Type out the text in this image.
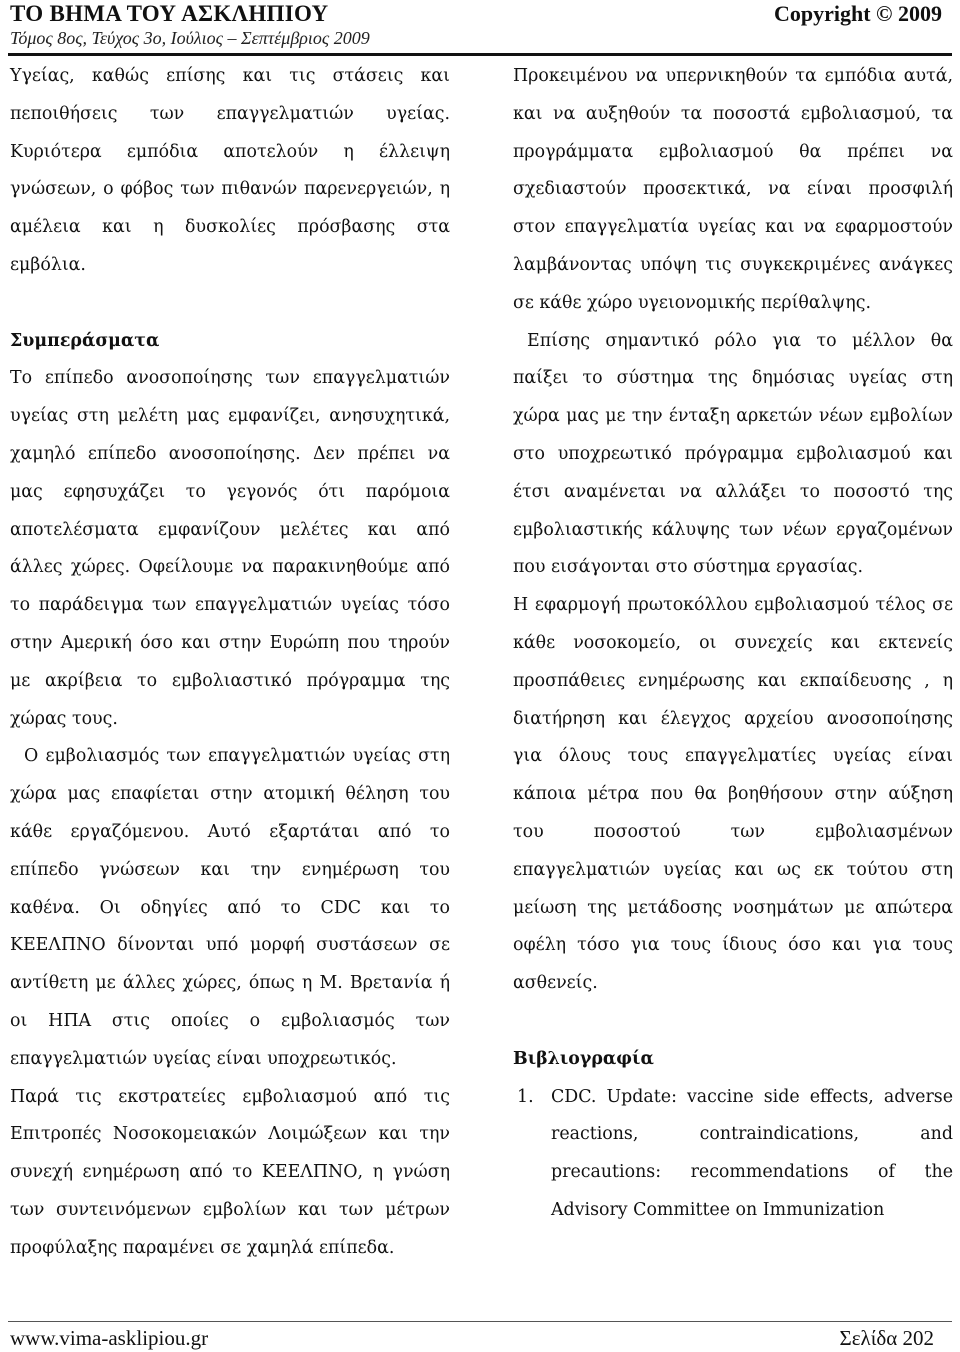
ΤΟ ΒΗΜΑ ΤΟΥ ΑΣΚΛΗΠΙΟΥ	Copyright © 2009
Τόμος 8ος, Τεύχος 3ο, Ιούλιος – Σεπτέμβριος 2009

Υγείας, καθώς επίσης και τις στάσεις και πεποιθήσεις των επαγγελματιών υγείας. Κυριότερα εμπόδια αποτελούν η έλλειψη γνώσεων, ο φόβος των πιθανών παρενεργειών, η αμέλεια και η δυσκολίες πρόσβασης στα εμβόλια.

Συμπεράσματα

Το επίπεδο ανοσοποίησης των επαγγελματιών υγείας στη μελέτη μας εμφανίζει, ανησυχητικά, χαμηλό επίπεδο ανοσοποίησης. Δεν πρέπει να μας εφησυχάζει το γεγονός ότι παρόμοια αποτελέσματα εμφανίζουν μελέτες και από άλλες χώρες. Οφείλουμε να παρακινηθούμε από το παράδειγμα των επαγγελματιών υγείας τόσο στην Αμερική όσο και στην Ευρώπη που τηρούν με ακρίβεια το εμβολιαστικό πρόγραμμα της χώρας τους.

Ο εμβολιασμός των επαγγελματιών υγείας στη χώρα μας επαφίεται στην ατομική θέληση του κάθε εργαζόμενου. Αυτό εξαρτάται από το επίπεδο γνώσεων και την ενημέρωση του καθένα. Οι οδηγίες από το CDC και το ΚΕΕΛΠΝΟ δίνονται υπό μορφή συστάσεων σε αντίθετη με άλλες χώρες, όπως η Μ. Βρετανία ή οι ΗΠΑ στις οποίες ο εμβολιασμός των επαγγελματιών υγείας είναι υποχρεωτικός.

Παρά τις εκστρατείες εμβολιασμού από τις Επιτροπές Νοσοκομειακών Λοιμώξεων και την συνεχή ενημέρωση από το ΚΕΕΛΠΝΟ, η γνώση των συντεινόμενων εμβολίων και των μέτρων προφύλαξης παραμένει σε χαμηλά επίπεδα.

Προκειμένου να υπερνικηθούν τα εμπόδια αυτά, και να αυξηθούν τα ποσοστά εμβολιασμού, τα προγράμματα εμβολιασμού θα πρέπει να σχεδιαστούν προσεκτικά, να είναι προσφιλή στον επαγγελματία υγείας και να εφαρμοστούν λαμβάνοντας υπόψη τις συγκεκριμένες ανάγκες σε κάθε χώρο υγειονομικής περίθαλψης.

Επίσης σημαντικό ρόλο για το μέλλον θα παίξει το σύστημα της δημόσιας υγείας στη χώρα μας με την ένταξη αρκετών νέων εμβολίων στο υποχρεωτικό πρόγραμμα εμβολιασμού και έτσι αναμένεται να αλλάξει το ποσοστό της εμβολιαστικής κάλυψης των νέων εργαζομένων που εισάγονται στο σύστημα εργασίας.

Η εφαρμογή πρωτοκόλλου εμβολιασμού τέλος σε κάθε νοσοκομείο, οι συνεχείς και εκτενείς προσπάθειες ενημέρωσης και εκπαίδευσης , η διατήρηση και έλεγχος αρχείου ανοσοποίησης για όλους τους επαγγελματίες υγείας είναι κάποια μέτρα που θα βοηθήσουν στην αύξηση του ποσοστού των εμβολιασμένων επαγγελματιών υγείας και ως εκ τούτου στη μείωση της μετάδοσης νοσημάτων με απώτερα οφέλη τόσο για τους ίδιους όσο και για τους ασθενείς.

Βιβλιογραφία
1. CDC. Update: vaccine side effects, adverse reactions, contraindications, and precautions: recommendations of the Advisory Committee on Immunization
www.vima-asklipiou.gr	Σελίδα 202
